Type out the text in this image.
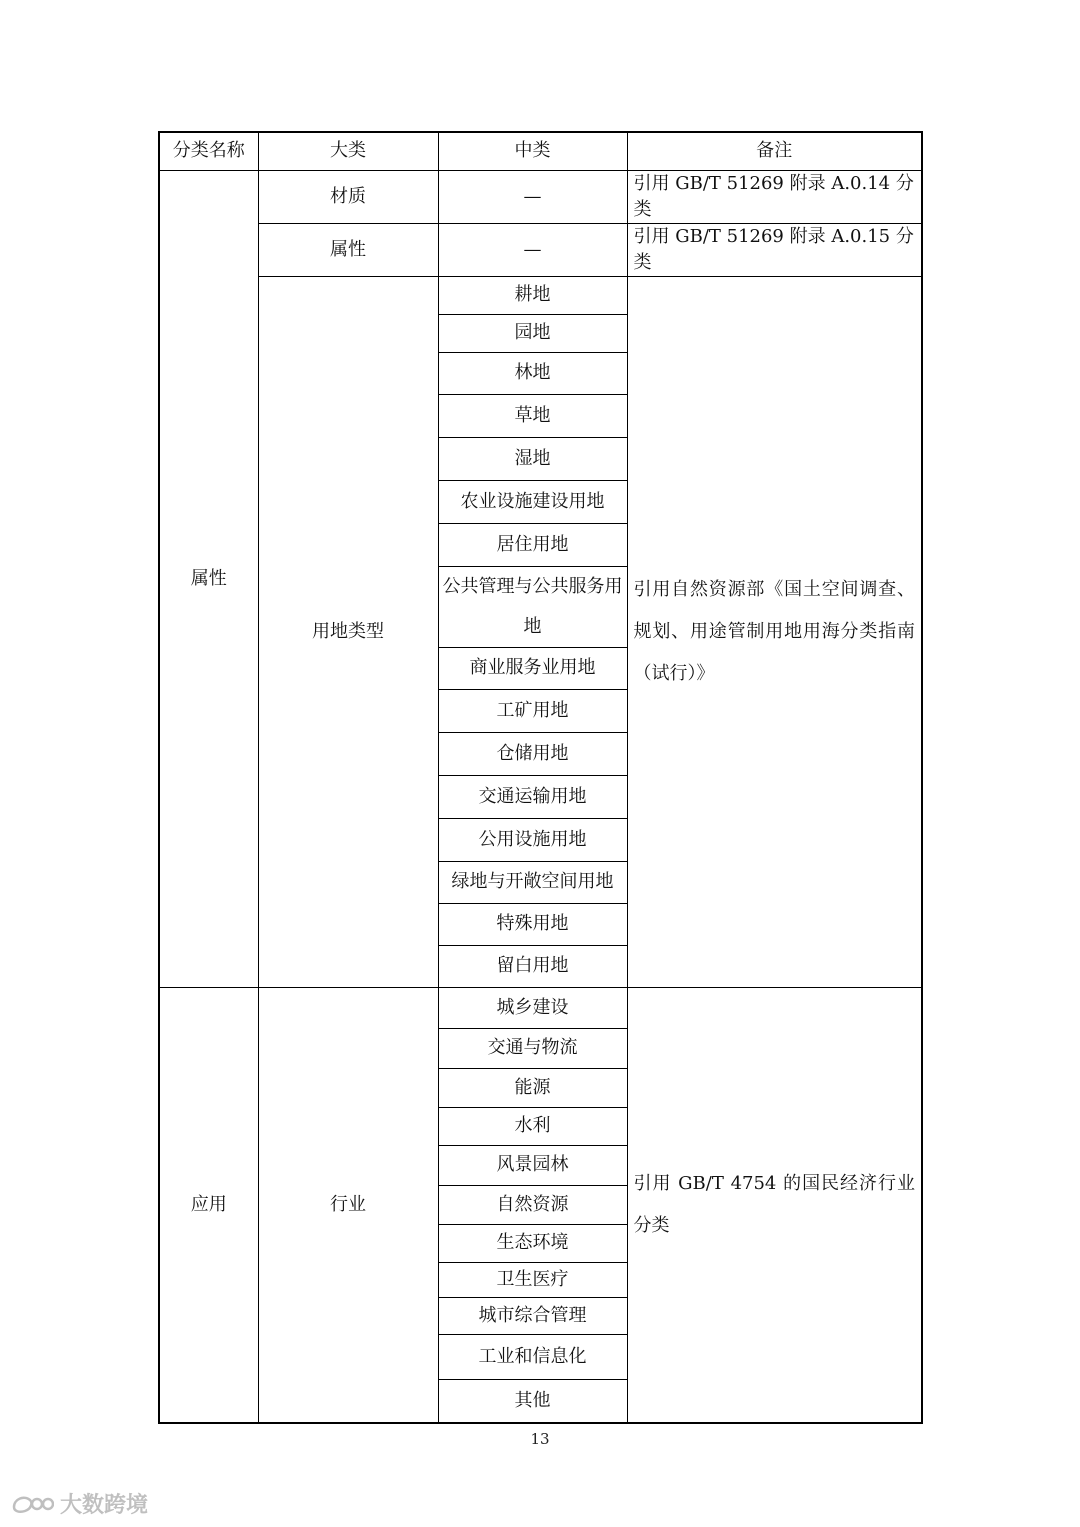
分类名称	大类	中类	备注
属性	材质	—	引用 GB/T 51269 附录 A.0.14 分类
	属性	—	引用 GB/T 51269 附录 A.0.15 分类
	用地类型	耕地	引用自然资源部《国土空间调查、规划、用途管制用地用海分类指南（试行）》
		园地	
		林地	
		草地	
		湿地	
		农业设施建设用地	
		居住用地	
		公共管理与公共服务用地	
		商业服务业用地	
		工矿用地	
		仓储用地	
		交通运输用地	
		公用设施用地	
		绿地与开敞空间用地	
		特殊用地	
		留白用地	
应用	行业	城乡建设	引用 GB/T 4754 的国民经济行业分类
		交通与物流	
		能源	
		水利	
		风景园林	
		自然资源	
		生态环境	
		卫生医疗	
		城市综合管理	
		工业和信息化	
		其他	
13
大数跨境
